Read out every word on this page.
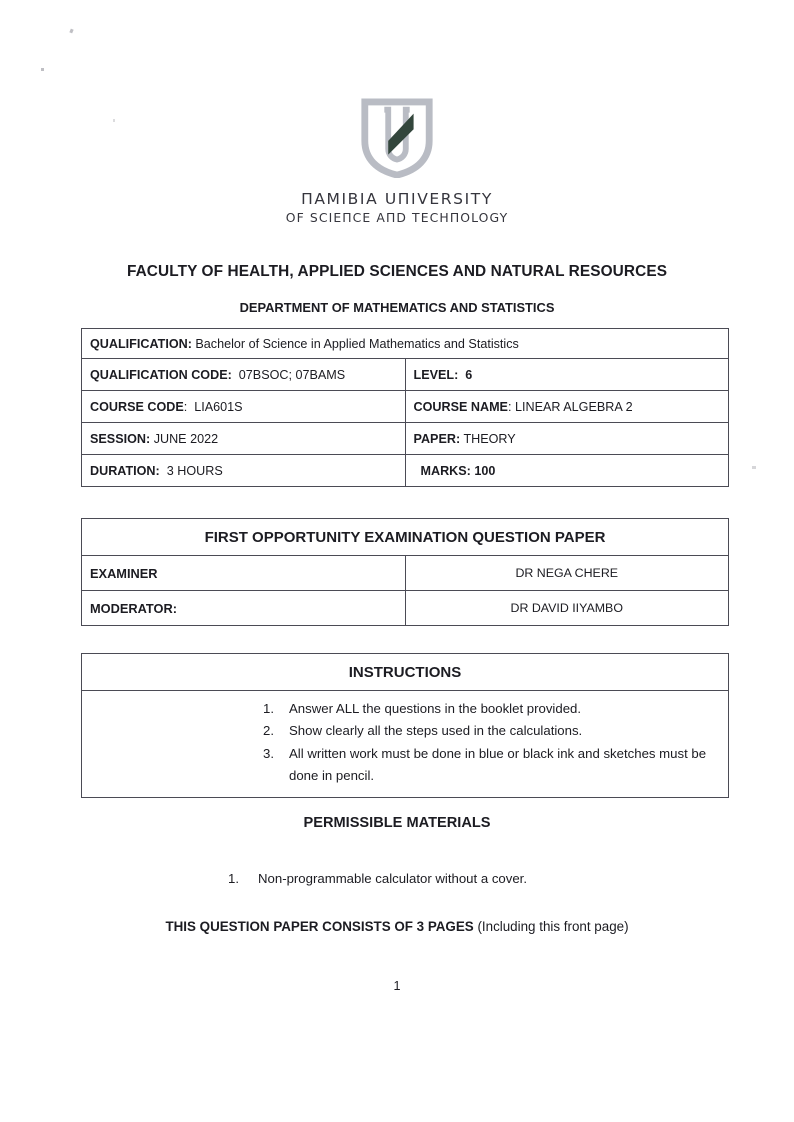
ΠAMIBIA UΠIVERSITY
OF SCIEΠCE AΠD TECHΠOLOGY
FACULTY OF HEALTH, APPLIED SCIENCES AND NATURAL RESOURCES
DEPARTMENT OF MATHEMATICS AND STATISTICS
QUALIFICATION: Bachelor of Science in Applied Mathematics and Statistics	
QUALIFICATION CODE: 07BSOC; 07BAMS	LEVEL: 6
COURSE CODE: LIA601S	COURSE NAME: LINEAR ALGEBRA 2
SESSION: JUNE 2022	PAPER: THEORY
DURATION: 3 HOURS	MARKS: 100
FIRST OPPORTUNITY EXAMINATION QUESTION PAPER	
EXAMINER	DR NEGA CHERE
MODERATOR:	DR DAVID IIYAMBO
INSTRUCTIONS

Answer ALL the questions in the booklet provided.
Show clearly all the steps used in the calculations.
All written work must be done in blue or black ink and sketches must be done in pencil.
PERMISSIBLE MATERIALS
Non-programmable calculator without a cover.
THIS QUESTION PAPER CONSISTS OF 3 PAGES (Including this front page)
1
